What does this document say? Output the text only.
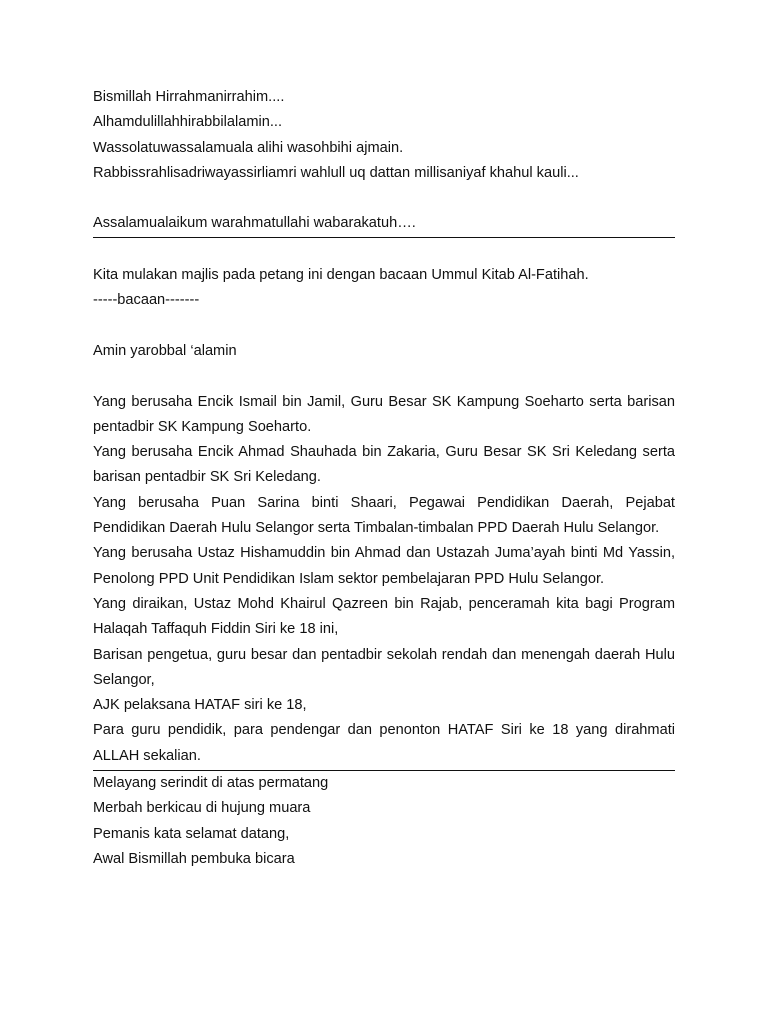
Bismillah Hirrahmanirrahim....
Alhamdulillahhirabbilalamin...
Wassolatuwassalamuala alihi wasohbihi ajmain.
Rabbissrahlisadriwayassirliamri wahlull uq dattan millisaniyaf khahul kauli...
Assalamualaikum warahmatullahi wabarakatuh….
Kita mulakan majlis pada petang ini dengan bacaan Ummul Kitab Al-Fatihah.
-----bacaan-------
Amin yarobbal ‘alamin
Yang berusaha Encik Ismail bin Jamil, Guru Besar SK Kampung Soeharto serta barisan pentadbir SK Kampung Soeharto.
Yang berusaha Encik Ahmad Shauhada bin Zakaria, Guru Besar SK Sri Keledang serta barisan pentadbir SK Sri Keledang.
Yang berusaha Puan Sarina binti Shaari, Pegawai Pendidikan Daerah, Pejabat Pendidikan Daerah Hulu Selangor serta Timbalan-timbalan PPD Daerah Hulu Selangor.
Yang berusaha Ustaz Hishamuddin bin Ahmad dan Ustazah Juma’ayah binti Md Yassin, Penolong PPD Unit Pendidikan Islam sektor pembelajaran PPD Hulu Selangor.
Yang diraikan, Ustaz Mohd Khairul Qazreen bin Rajab, penceramah kita bagi Program Halaqah Taffaquh Fiddin Siri ke 18 ini,
Barisan pengetua, guru besar dan pentadbir sekolah rendah dan menengah daerah Hulu Selangor,
AJK pelaksana HATAF siri ke 18,
Para guru pendidik, para pendengar dan penonton HATAF Siri ke 18 yang dirahmati ALLAH sekalian.
Melayang serindit di atas permatang
Merbah berkicau di hujung muara
Pemanis kata selamat datang,
Awal Bismillah pembuka bicara
